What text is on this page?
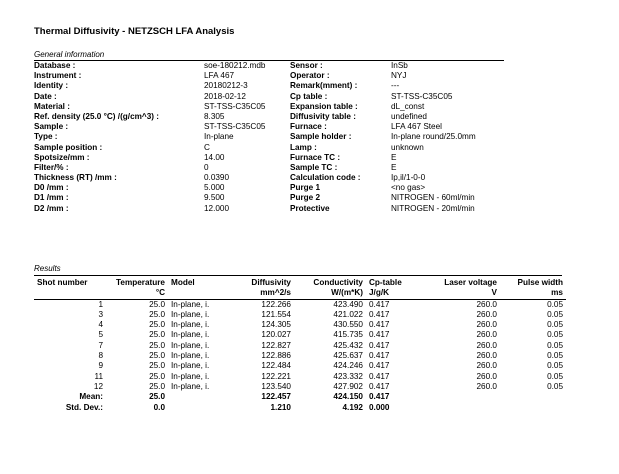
Thermal Diffusivity - NETZSCH LFA Analysis
General information
Database :	soe-180212.mdb	Sensor :	InSb
Instrument :	LFA 467	Operator :	NYJ
Identity :	20180212-3	Remark(mment) :	---
Date :	2018-02-12	Cp table :	ST-TSS-C35C05
Material :	ST-TSS-C35C05	Expansion table :	dL_const
Ref. density (25.0 °C) /(g/cm^3) :	8.305	Diffusivity table :	undefined
Sample :	ST-TSS-C35C05	Furnace :	LFA 467 Steel
Type :	In-plane	Sample holder :	In-plane round/25.0mm
Sample position :	C	Lamp :	unknown
Spotsize/mm :	14.00	Furnace TC :	E
Filter/% :	0	Sample TC :	E
Thickness (RT) /mm :	0.0390	Calculation code :	Ip,il/1-0-0
D0 /mm :	5.000	Purge 1	<no gas>
D1 /mm :	9.500	Purge 2	NITROGEN - 60ml/min
D2 /mm :	12.000	Protective	NITROGEN - 20ml/min
Results
Shot number	Temperature	Model	Diffusivity	Conductivity	Cp-table	Laser voltage	Pulse width
	°C		mm^2/s	W/(m*K)	J/g/K	V	ms
1	25.0	In-plane, i.	122.266	423.490	0.417	260.0	0.05
3	25.0	In-plane, i.	121.554	421.022	0.417	260.0	0.05
4	25.0	In-plane, i.	124.305	430.550	0.417	260.0	0.05
5	25.0	In-plane, i.	120.027	415.735	0.417	260.0	0.05
7	25.0	In-plane, i.	122.827	425.432	0.417	260.0	0.05
8	25.0	In-plane, i.	122.886	425.637	0.417	260.0	0.05
9	25.0	In-plane, i.	122.484	424.246	0.417	260.0	0.05
11	25.0	In-plane, i.	122.221	423.332	0.417	260.0	0.05
12	25.0	In-plane, i.	123.540	427.902	0.417	260.0	0.05
Mean:	25.0		122.457	424.150	0.417		
Std. Dev.:	0.0		1.210	4.192	0.000		
